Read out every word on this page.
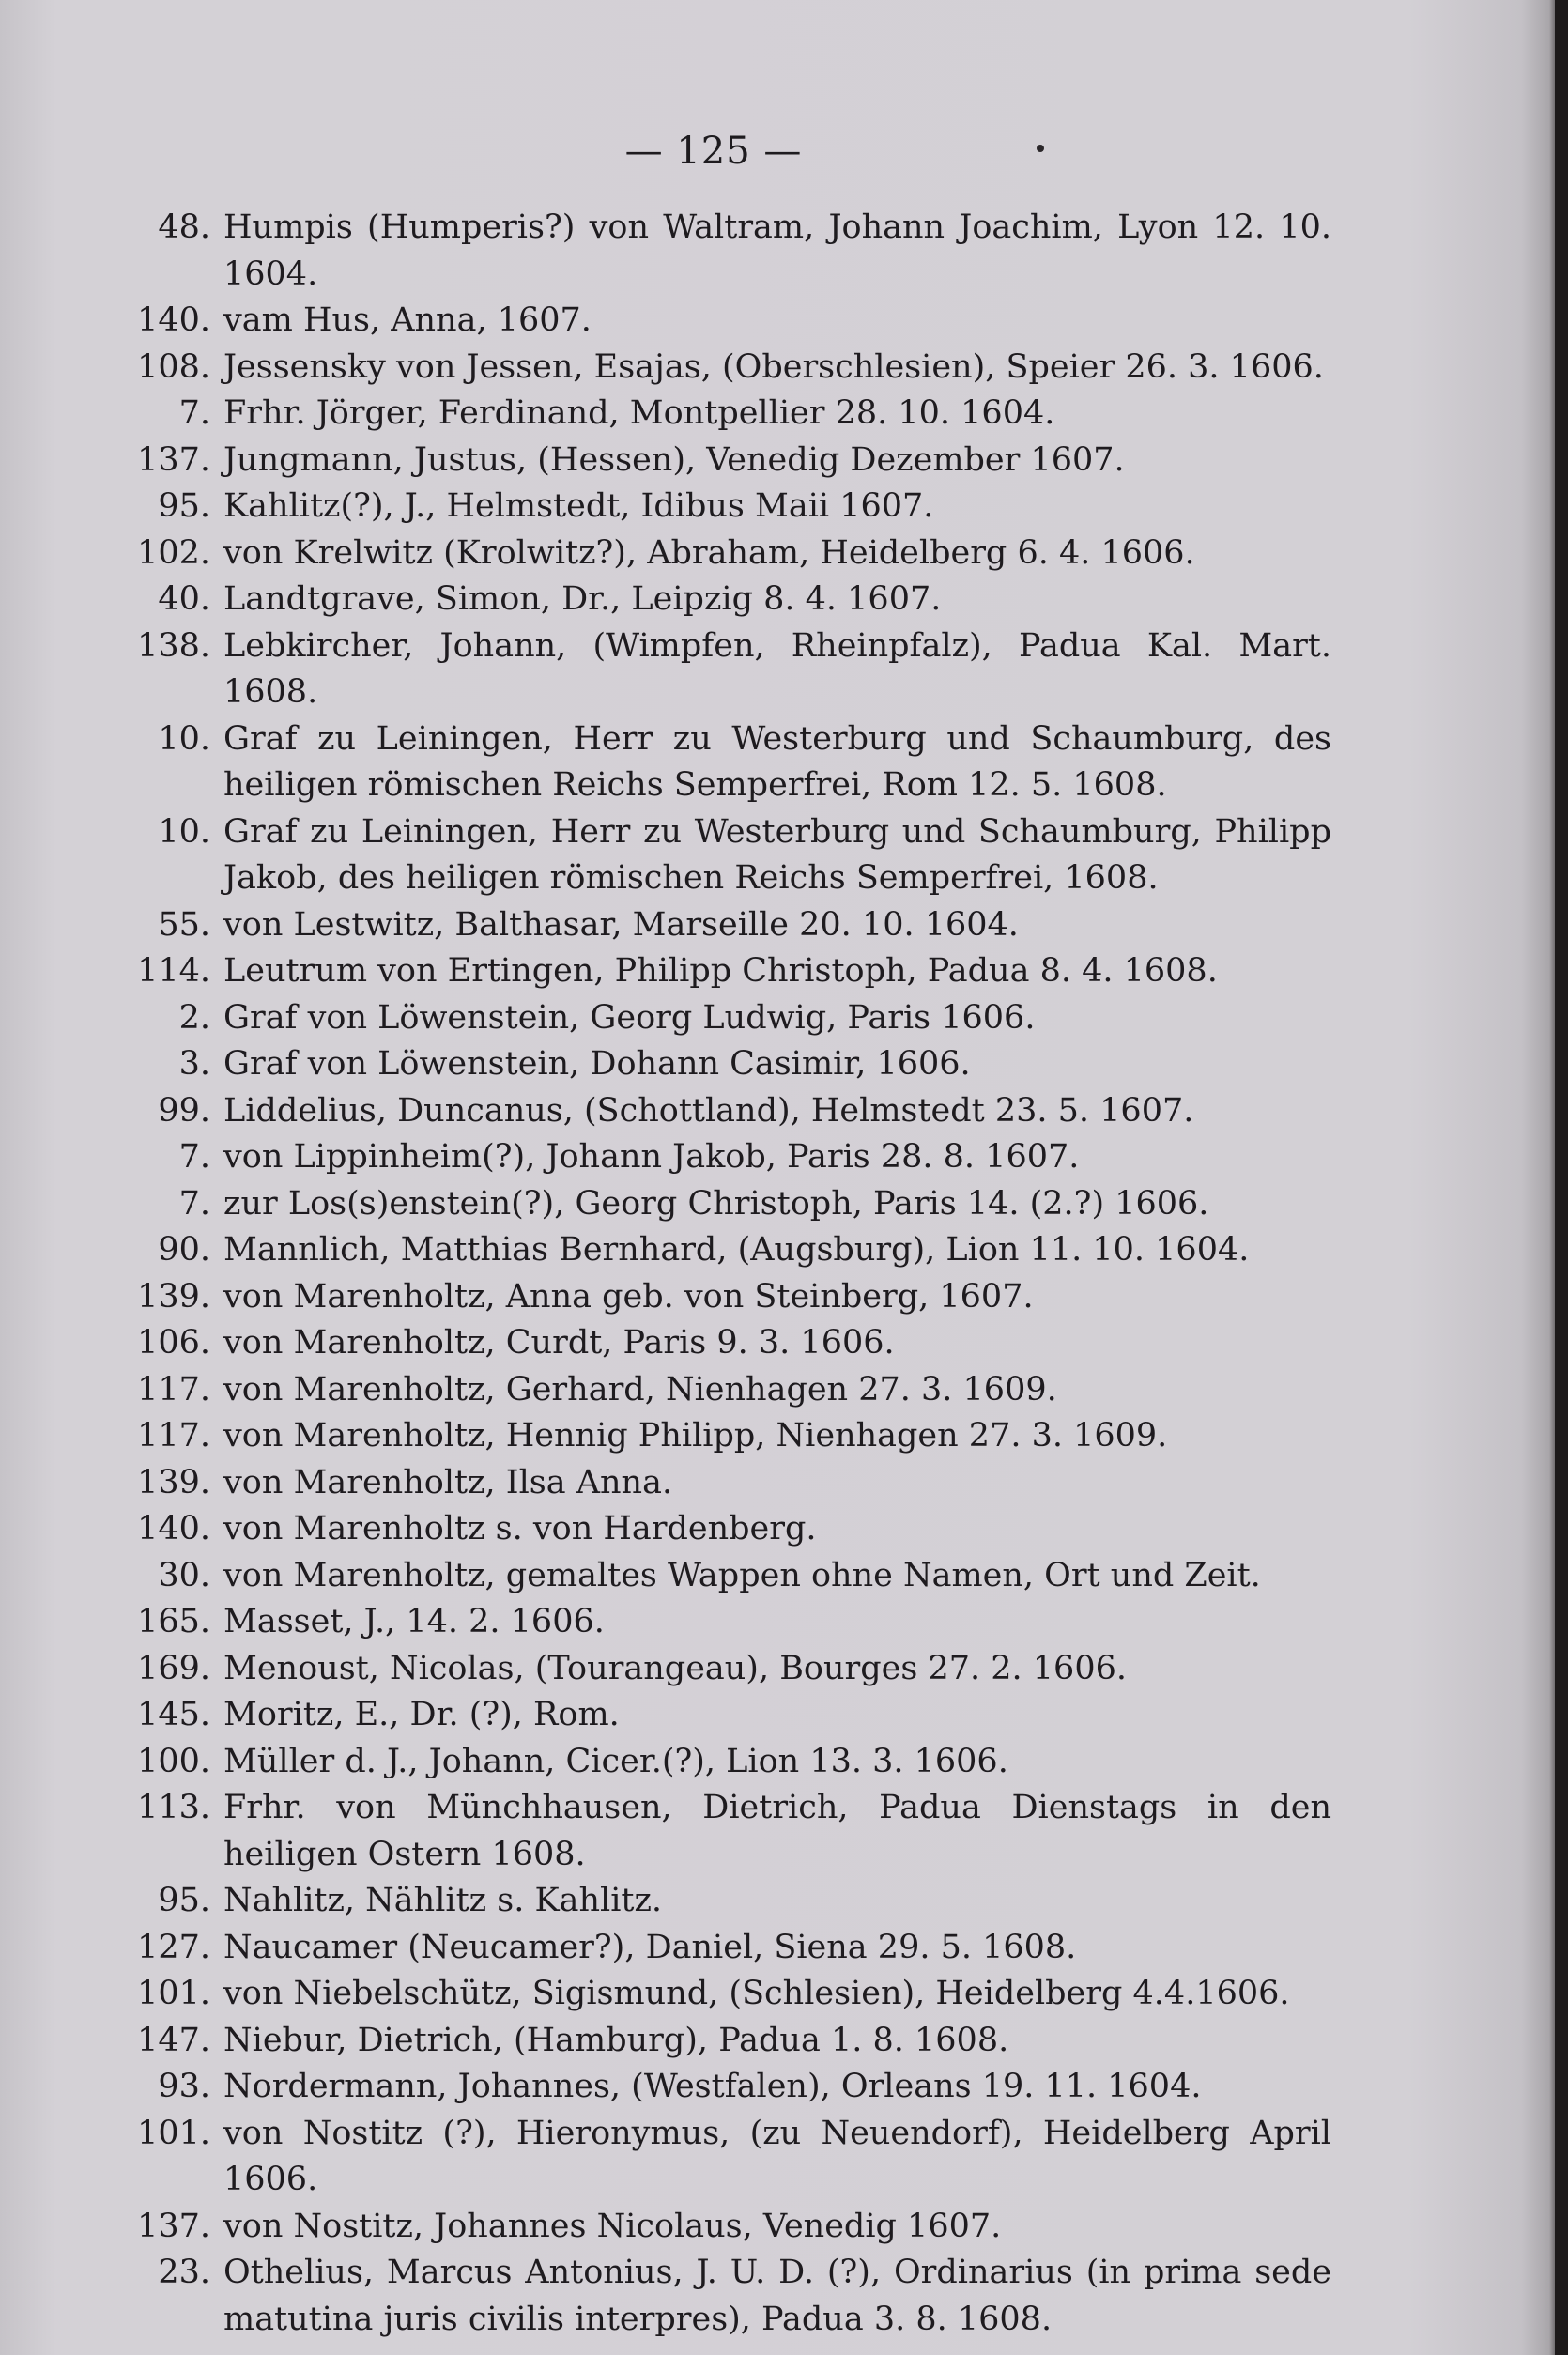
— 125 —
48. Humpis (Humperis?) von Waltram, Johann Joachim, Lyon 12. 10. 1604.
140. vam Hus, Anna, 1607.
108. Jessensky von Jessen, Esajas, (Oberschlesien), Speier 26. 3. 1606.
7. Frhr. Jörger, Ferdinand, Montpellier 28. 10. 1604.
137. Jungmann, Justus, (Hessen), Venedig Dezember 1607.
95. Kahlitz(?), J., Helmstedt, Idibus Maii 1607.
102. von Krelwitz (Krolwitz?), Abraham, Heidelberg 6. 4. 1606.
40. Landtgrave, Simon, Dr., Leipzig 8. 4. 1607.
138. Lebkircher, Johann, (Wimpfen, Rheinpfalz), Padua Kal. Mart. 1608.
10. Graf zu Leiningen, Herr zu Westerburg und Schaumburg, des heiligen römischen Reichs Semperfrei, Rom 12. 5. 1608.
10. Graf zu Leiningen, Herr zu Westerburg und Schaumburg, Philipp Jakob, des heiligen römischen Reichs Semperfrei, 1608.
55. von Lestwitz, Balthasar, Marseille 20. 10. 1604.
114. Leutrum von Ertingen, Philipp Christoph, Padua 8. 4. 1608.
2. Graf von Löwenstein, Georg Ludwig, Paris 1606.
3. Graf von Löwenstein, Dohann Casimir, 1606.
99. Liddelius, Duncanus, (Schottland), Helmstedt 23. 5. 1607.
7. von Lippinheim(?), Johann Jakob, Paris 28. 8. 1607.
7. zur Los(s)enstein(?), Georg Christoph, Paris 14. (2.?) 1606.
90. Mannlich, Matthias Bernhard, (Augsburg), Lion 11. 10. 1604.
139. von Marenholtz, Anna geb. von Steinberg, 1607.
106. von Marenholtz, Curdt, Paris 9. 3. 1606.
117. von Marenholtz, Gerhard, Nienhagen 27. 3. 1609.
117. von Marenholtz, Hennig Philipp, Nienhagen 27. 3. 1609.
139. von Marenholtz, Ilsa Anna.
140. von Marenholtz s. von Hardenberg.
30. von Marenholtz, gemaltes Wappen ohne Namen, Ort und Zeit.
165. Masset, J., 14. 2. 1606.
169. Menoust, Nicolas, (Tourangeau), Bourges 27. 2. 1606.
145. Moritz, E., Dr. (?), Rom.
100. Müller d. J., Johann, Cicer.(?), Lion 13. 3. 1606.
113. Frhr. von Münchhausen, Dietrich, Padua Dienstags in den heiligen Ostern 1608.
95. Nahlitz, Nählitz s. Kahlitz.
127. Naucamer (Neucamer?), Daniel, Siena 29. 5. 1608.
101. von Niebelschütz, Sigismund, (Schlesien), Heidelberg 4.4.1606.
147. Niebur, Dietrich, (Hamburg), Padua 1. 8. 1608.
93. Nordermann, Johannes, (Westfalen), Orleans 19. 11. 1604.
101. von Nostitz (?), Hieronymus, (zu Neuendorf), Heidelberg April 1606.
137. von Nostitz, Johannes Nicolaus, Venedig 1607.
23. Othelius, Marcus Antonius, J. U. D. (?), Ordinarius (in prima sede matutina juris civilis interpres), Padua 3. 8. 1608.
